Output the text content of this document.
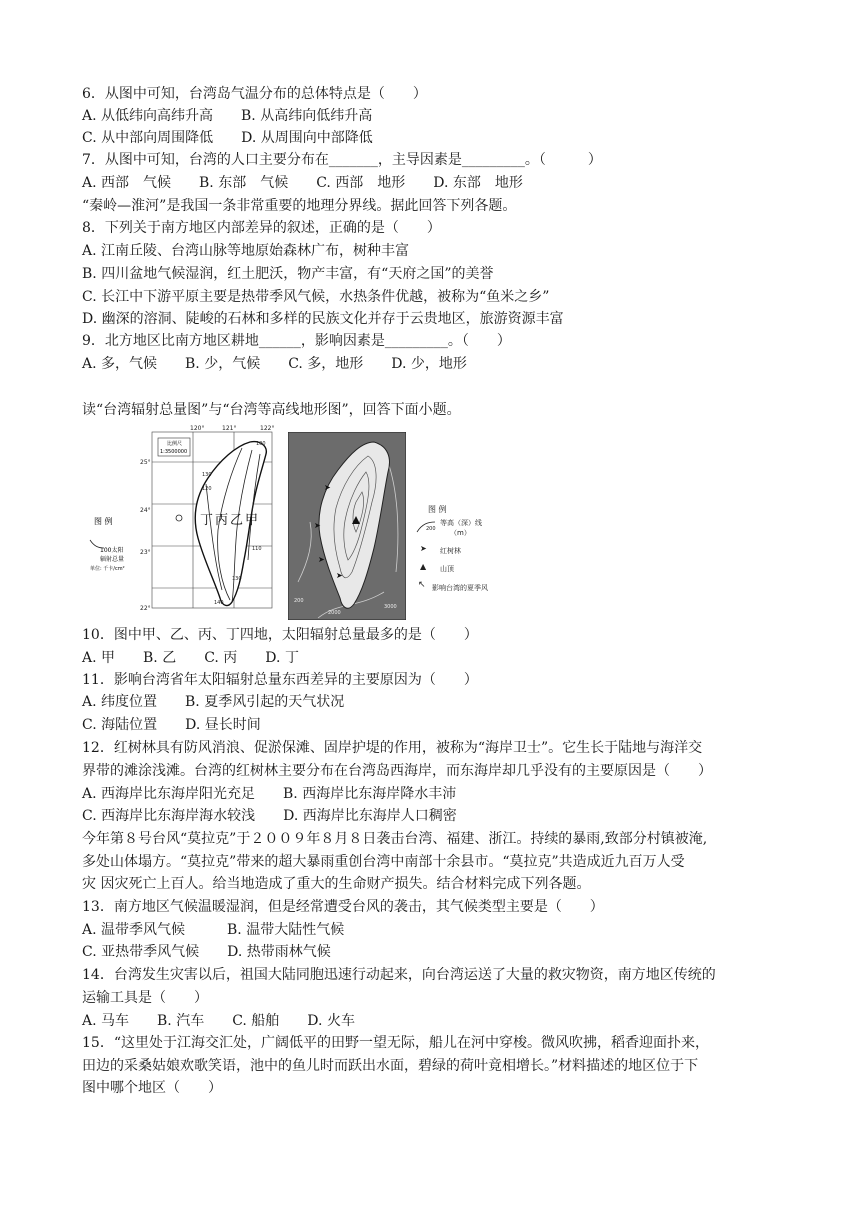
6．从图中可知，台湾岛气温分布的总体特点是（　　）
A. 从低纬向高纬升高　　B. 从高纬向低纬升高
C. 从中部向周围降低　　D. 从周围向中部降低
7．从图中可知，台湾的人口主要分布在_______，主导因素是_________。（　　　）
A. 西部　气候　　B. 东部　气候　　C. 西部　地形　　D. 东部　地形
“秦岭—淮河”是我国一条非常重要的地理分界线。据此回答下列各题。
8．下列关于南方地区内部差异的叙述，正确的是（　　）
A. 江南丘陵、台湾山脉等地原始森林广布，树种丰富
B. 四川盆地气候湿润，红土肥沃，物产丰富，有“天府之国”的美誉
C. 长江中下游平原主要是热带季风气候，水热条件优越，被称为“鱼米之乡”
D. 幽深的溶洞、陡峻的石林和多样的民族文化并存于云贵地区，旅游资源丰富
9．北方地区比南方地区耕地______，影响因素是_________。（　　）
A. 多，气候　　B. 少，气候　　C. 多，地形　　D. 少，地形
读“台湾辐射总量图”与“台湾等高线地形图”，回答下面小题。
120°	121°	122°
25°
24°
23°
22°
比例尺
1:3500000
100
130
120
110
130
140
丁 丙 乙 甲
图 例
100太阳
辐射总量
单位: 千卡/cm²
➤
➤
➤
➤
200
2000
3000
图 例
200
等高（深）线
（m）
➤ 红树林
▲ 山顶
↖ 影响台湾的夏季风
10．图中甲、乙、丙、丁四地，太阳辐射总量最多的是（　　）
A. 甲　　B. 乙　　C. 丙　　D. 丁
11．影响台湾省年太阳辐射总量东西差异的主要原因为（　　）
A. 纬度位置　　B. 夏季风引起的天气状况
C. 海陆位置　　D. 昼长时间
12．红树林具有防风消浪、促淤保滩、固岸护堤的作用，被称为“海岸卫士”。它生长于陆地与海洋交
界带的滩涂浅滩。台湾的红树林主要分布在台湾岛西海岸，而东海岸却几乎没有的主要原因是（　　）
A. 西海岸比东海岸阳光充足　　B. 西海岸比东海岸降水丰沛
C. 西海岸比东海岸海水较浅　　D. 西海岸比东海岸人口稠密
今年第８号台风“莫拉克”于２００９年８月８日袭击台湾、福建、浙江。持续的暴雨,致部分村镇被淹,
多处山体塌方。“莫拉克”带来的超大暴雨重创台湾中南部十余县市。“莫拉克”共造成近九百万人受
灾 因灾死亡上百人。给当地造成了重大的生命财产损失。结合材料完成下列各题。
13．南方地区气候温暖湿润，但是经常遭受台风的袭击，其气候类型主要是（　　）
A. 温带季风气候　　　B. 温带大陆性气候
C. 亚热带季风气候　　D. 热带雨林气候
14．台湾发生灾害以后，祖国大陆同胞迅速行动起来，向台湾运送了大量的救灾物资，南方地区传统的
运输工具是（　　）
A. 马车　　B. 汽车　　C. 船舶　　D. 火车
15．“这里处于江海交汇处，广阔低平的田野一望无际，船儿在河中穿梭。微风吹拂，稻香迎面扑来，
田边的采桑姑娘欢歌笑语，池中的鱼儿时而跃出水面，碧绿的荷叶竟相增长。”材料描述的地区位于下
图中哪个地区（　　）
